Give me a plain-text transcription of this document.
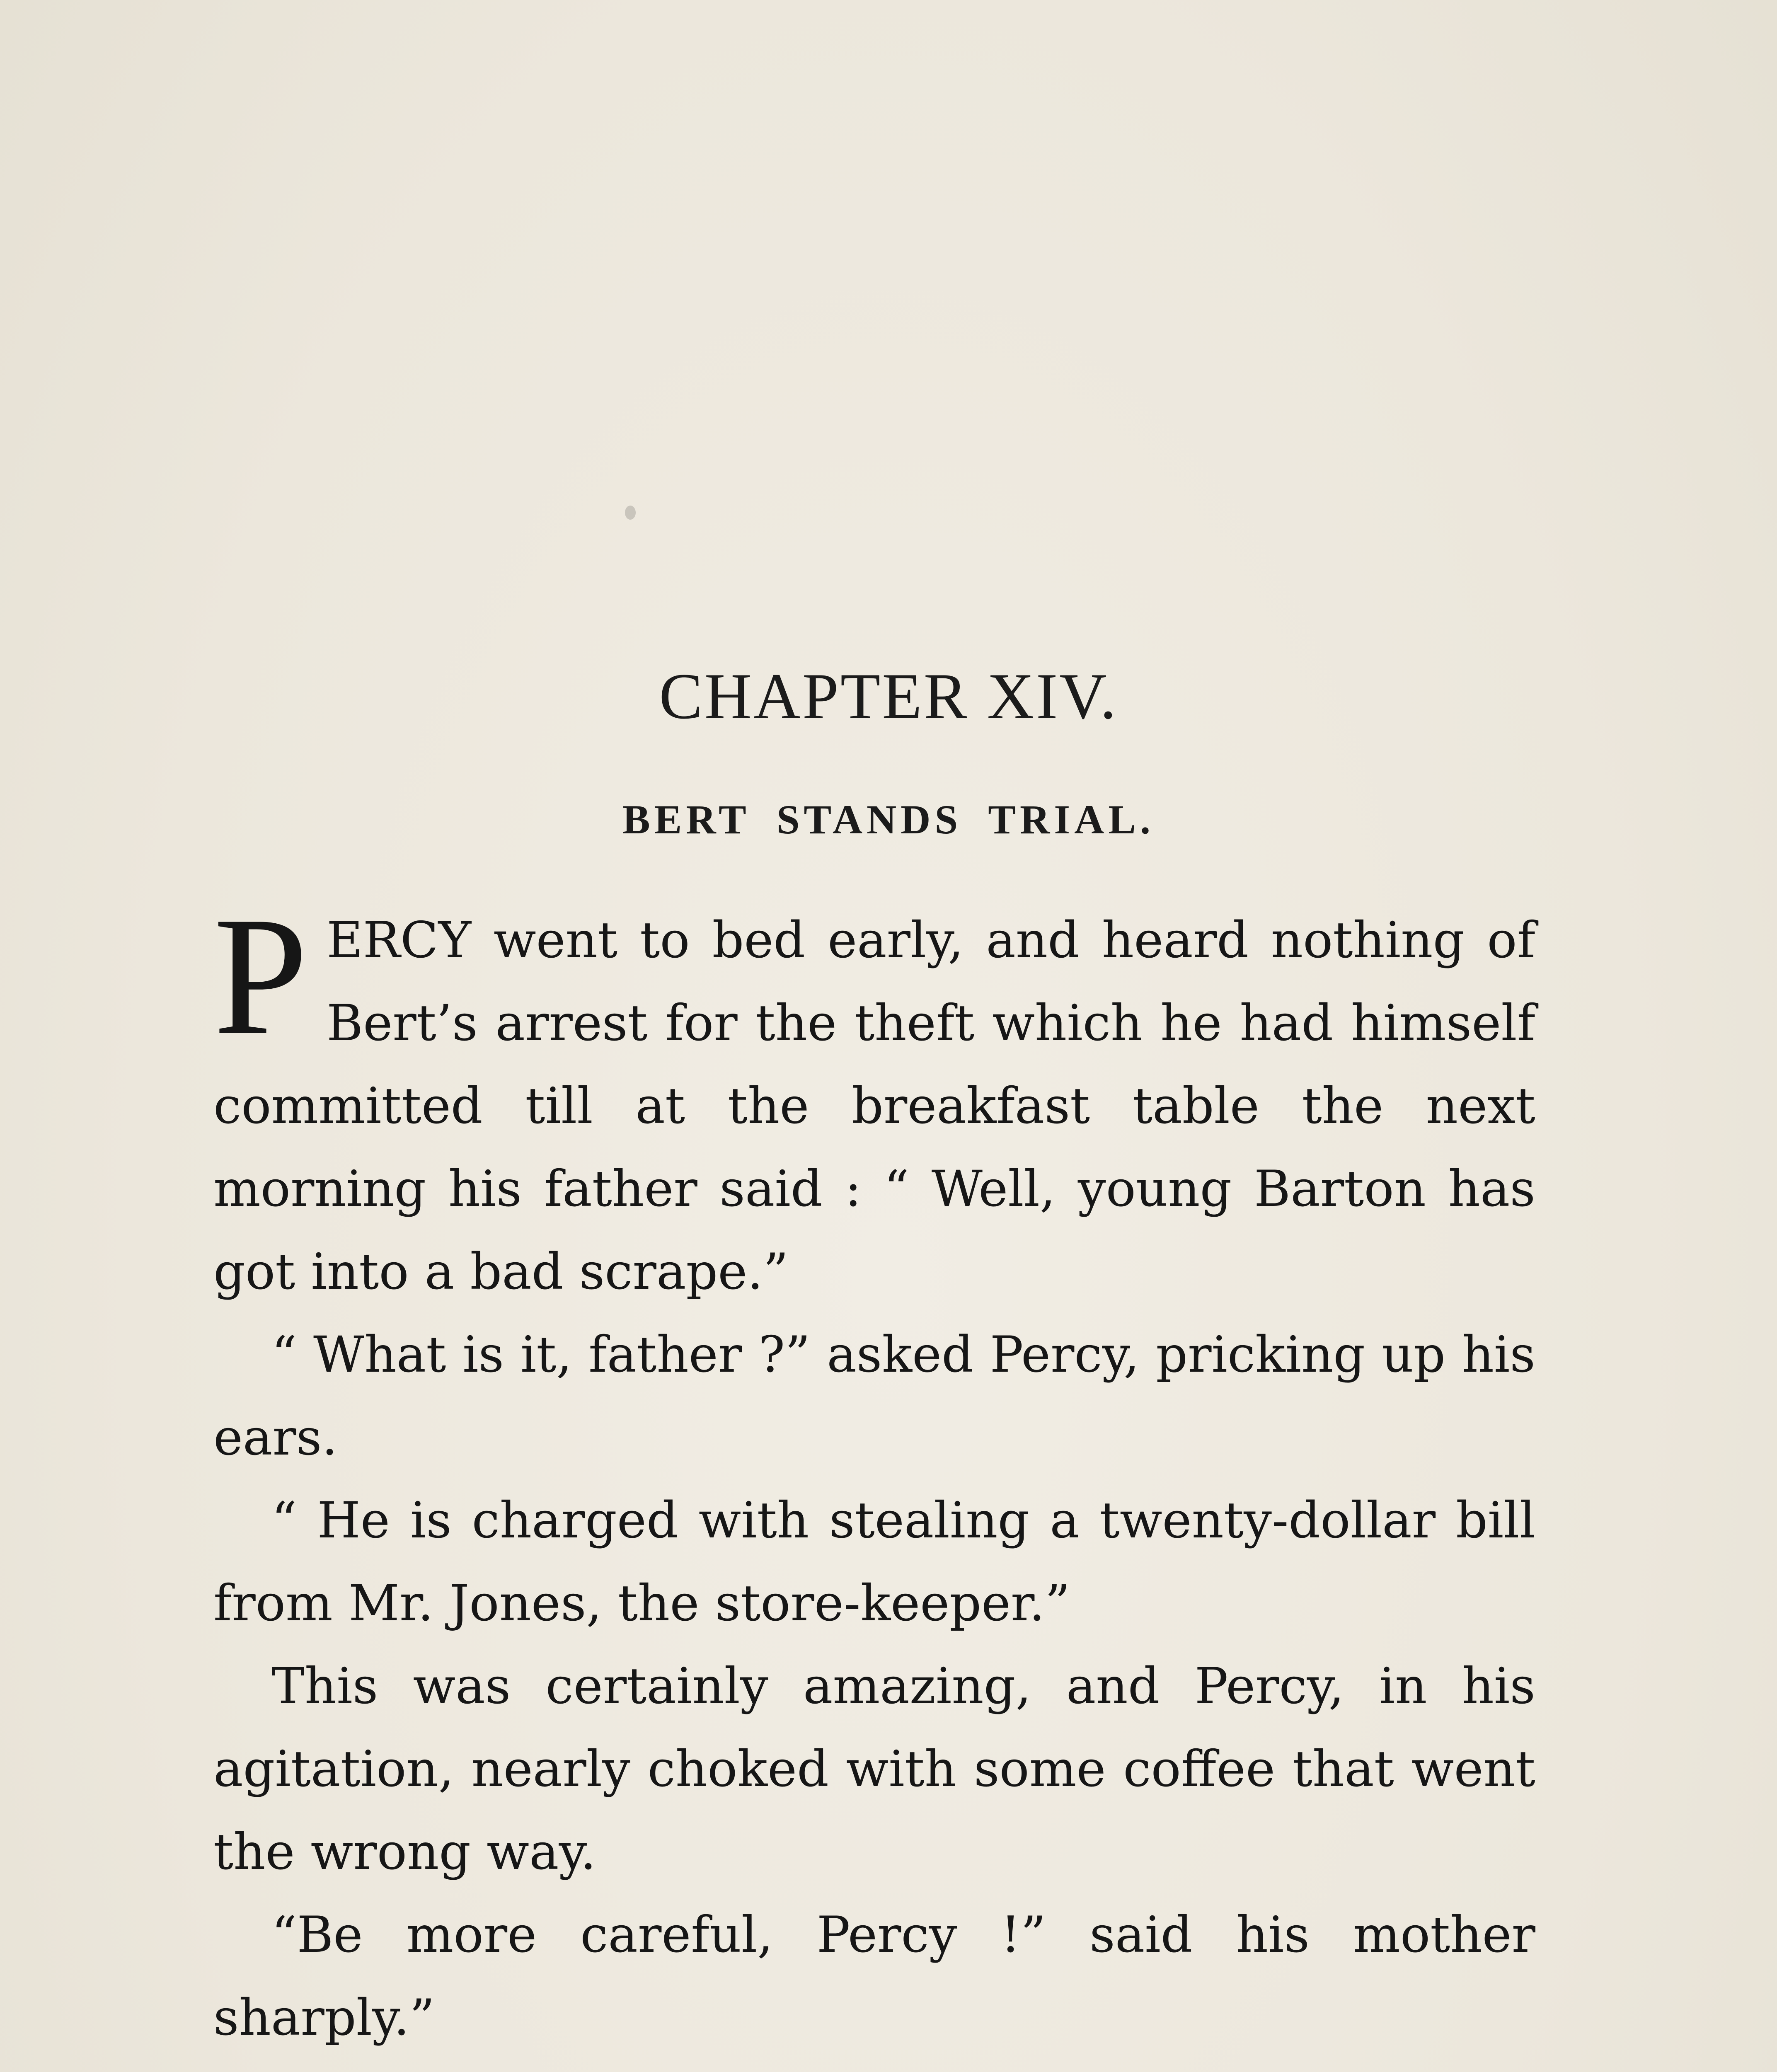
CHAPTER XIV.
BERT STANDS TRIAL.

PERCY went to bed early, and heard nothing of Bert’s arrest for the theft which he had himself committed till at the breakfast table the next morning his father said : “ Well, young Barton has got into a bad scrape.”

“ What is it, father ?” asked Percy, pricking up his ears.

“ He is charged with stealing a twenty-dollar bill from Mr. Jones, the store-keeper.”

This was certainly amazing, and Percy, in his agitation, nearly choked with some coffee that went the wrong way.

“Be more careful, Percy !” said his mother sharply.”
